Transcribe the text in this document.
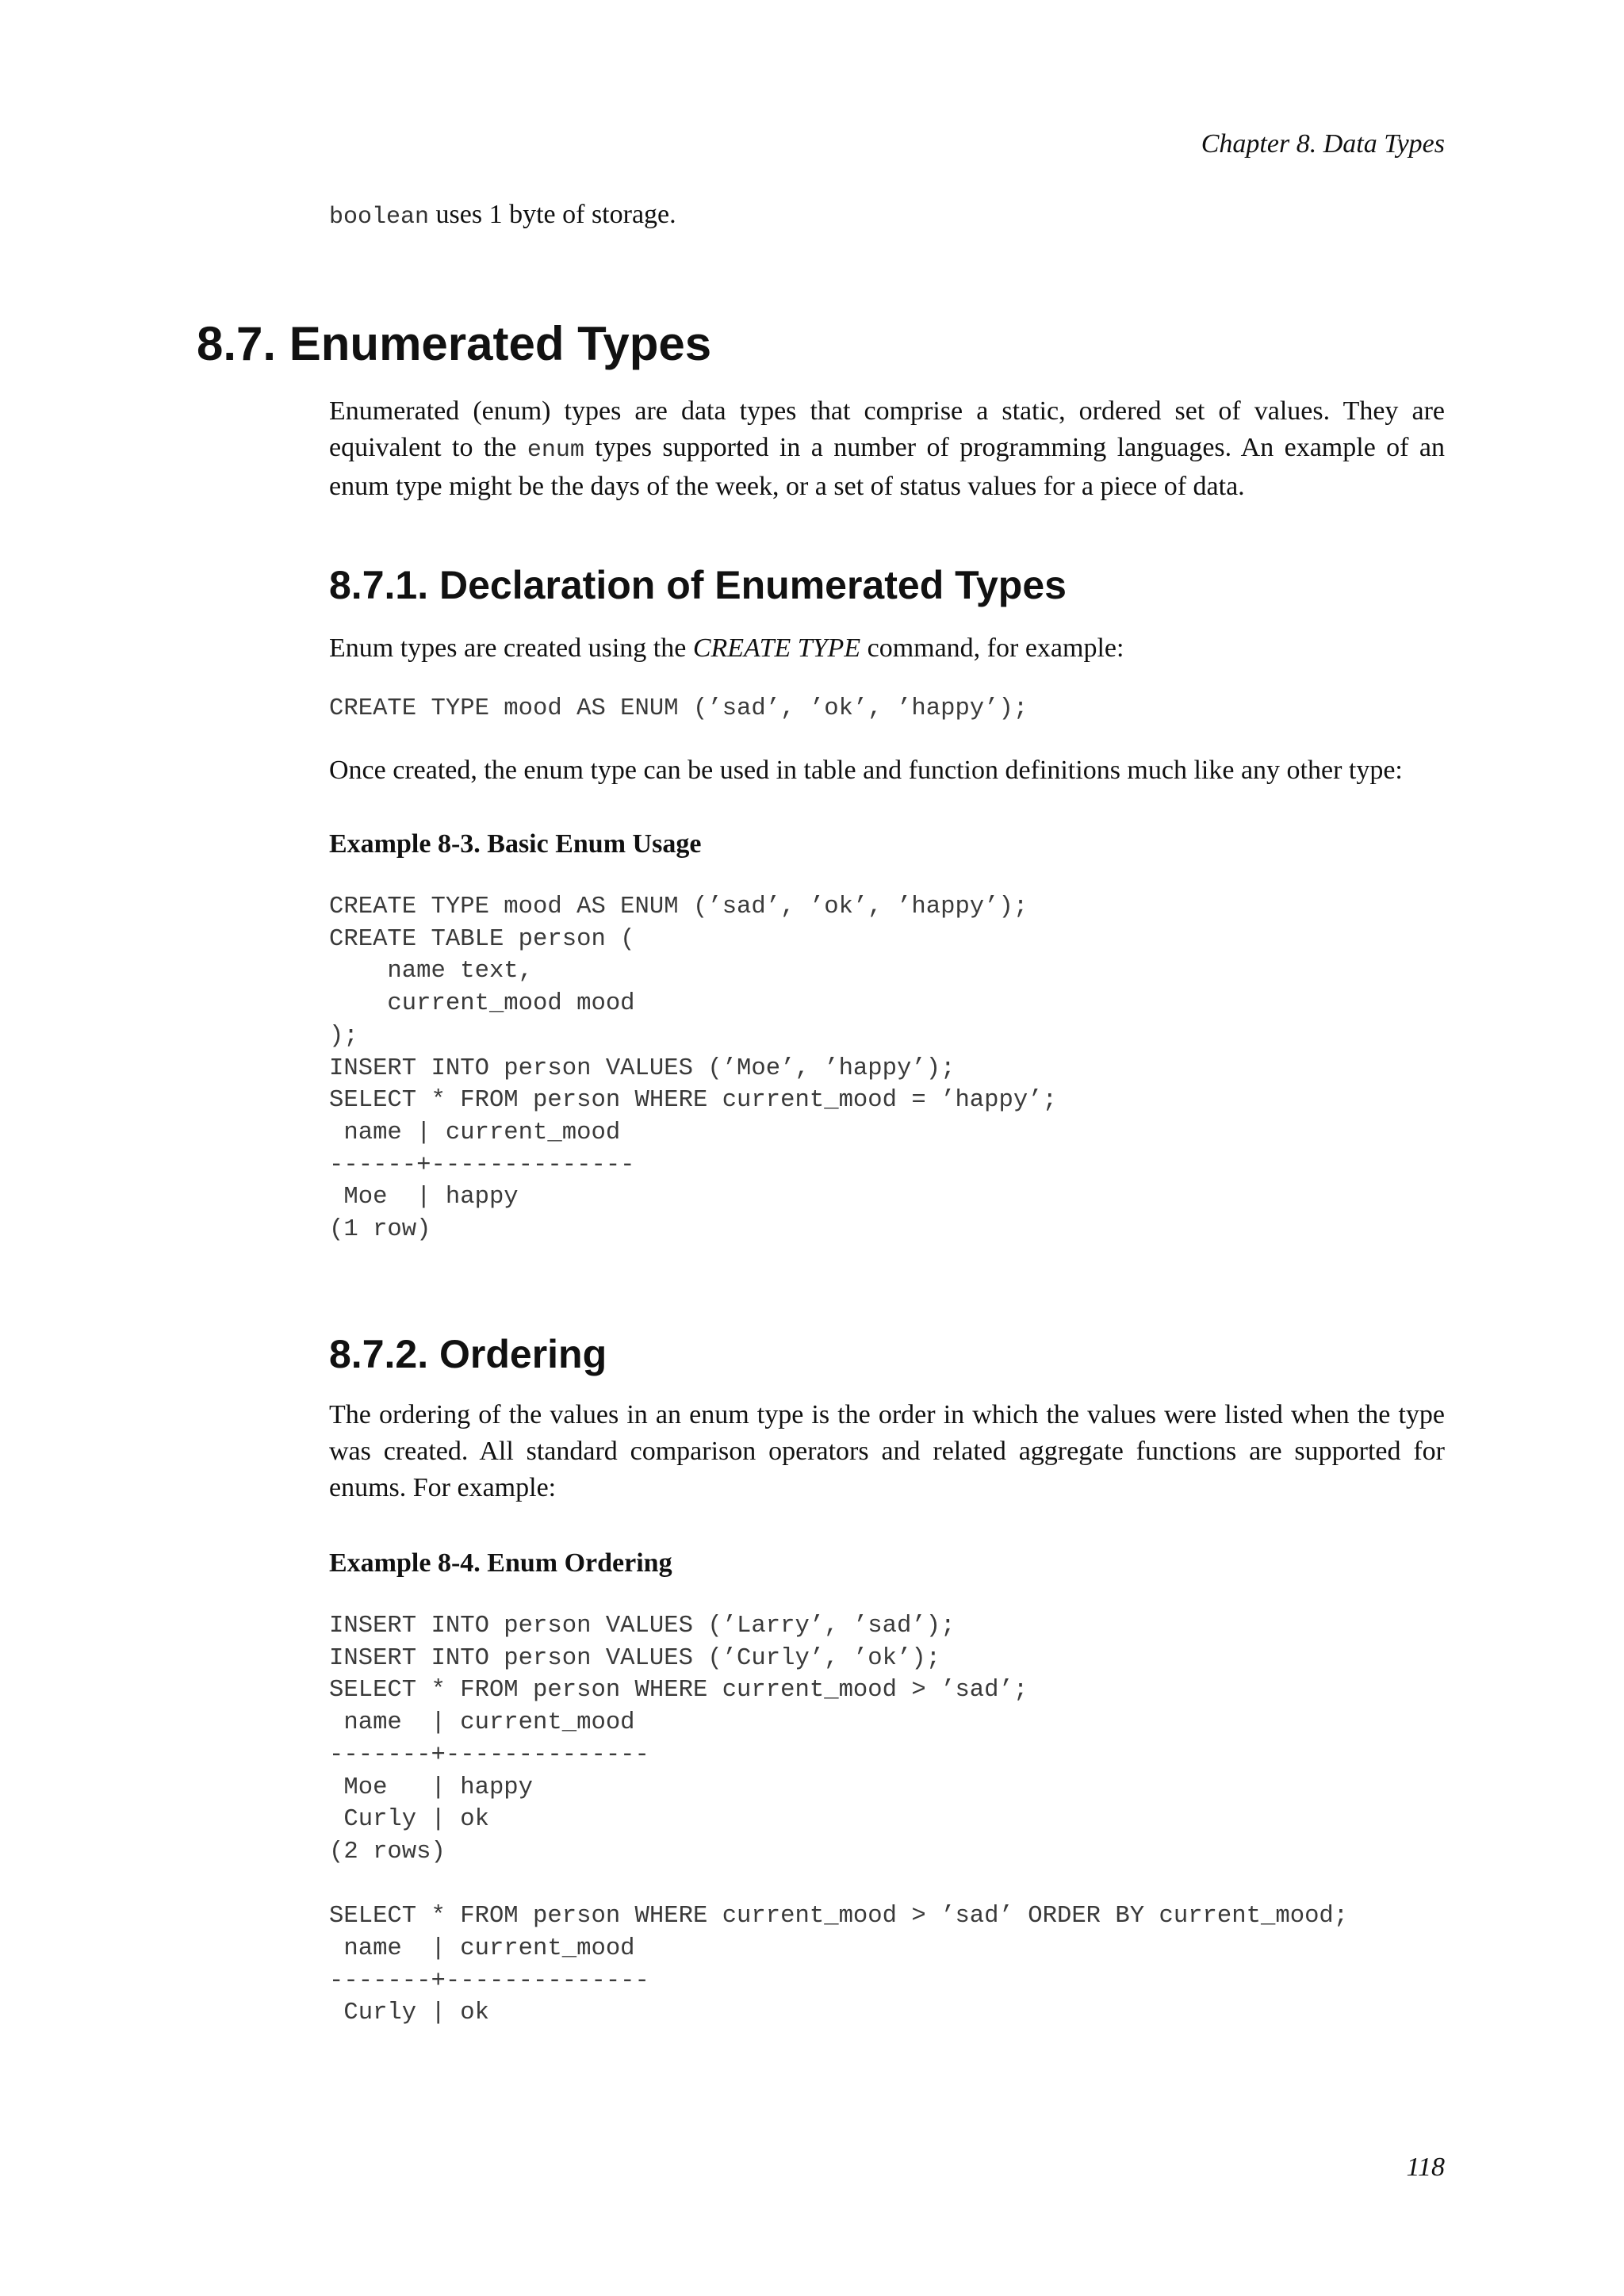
Chapter 8. Data Types

boolean uses 1 byte of storage.

8.7. Enumerated Types

Enumerated (enum) types are data types that comprise a static, ordered set of values. They are equivalent to the enum types supported in a number of programming languages. An example of an enum type might be the days of the week, or a set of status values for a piece of data.

8.7.1. Declaration of Enumerated Types

Enum types are created using the CREATE TYPE command, for example:

CREATE TYPE mood AS ENUM (’sad’, ’ok’, ’happy’);

Once created, the enum type can be used in table and function definitions much like any other type:

Example 8-3. Basic Enum Usage
CREATE TYPE mood AS ENUM (’sad’, ’ok’, ’happy’);
CREATE TABLE person (
name text,
current_mood mood
);
INSERT INTO person VALUES (’Moe’, ’happy’);
SELECT * FROM person WHERE current_mood = ’happy’;
name | current_mood
------+--------------
Moe  | happy
(1 row)
8.7.2. Ordering

The ordering of the values in an enum type is the order in which the values were listed when the type was created. All standard comparison operators and related aggregate functions are supported for enums. For example:

Example 8-4. Enum Ordering
INSERT INTO person VALUES (’Larry’, ’sad’);
INSERT INTO person VALUES (’Curly’, ’ok’);
SELECT * FROM person WHERE current_mood > ’sad’;
name  | current_mood
-------+--------------
Moe   | happy
Curly | ok
(2 rows)

SELECT * FROM person WHERE current_mood > ’sad’ ORDER BY current_mood;
name  | current_mood
-------+--------------
Curly | ok
118
